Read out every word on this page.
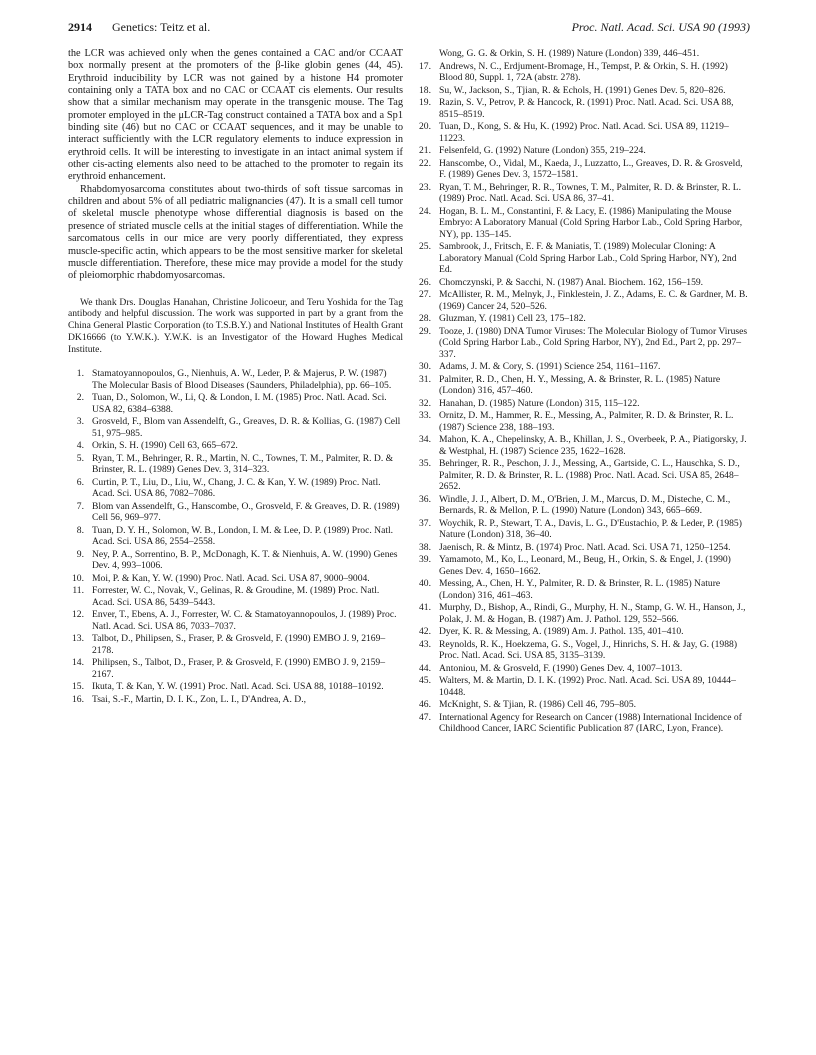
2914 Genetics: Teitz et al.	Proc. Natl. Acad. Sci. USA 90 (1993)

the LCR was achieved only when the genes contained a CAC and/or CCAAT box normally present at the promoters of the β-like globin genes (44, 45). Erythroid inducibility by LCR was not gained by a histone H4 promoter containing only a TATA box and no CAC or CCAAT cis elements. Our results show that a similar mechanism may operate in the transgenic mouse. The Tag promoter employed in the μLCR-Tag construct contained a TATA box and a Sp1 binding site (46) but no CAC or CCAAT sequences, and it may be unable to interact sufficiently with the LCR regulatory elements to induce expression in erythroid cells. It will be interesting to investigate in an intact animal system if other cis-acting elements also need to be attached to the promoter to regain its erythroid enhancement.

Rhabdomyosarcoma constitutes about two-thirds of soft tissue sarcomas in children and about 5% of all pediatric malignancies (47). It is a small cell tumor of skeletal muscle phenotype whose differential diagnosis is based on the presence of striated muscle cells at the initial stages of differentiation. While the sarcomatous cells in our mice are very poorly differentiated, they express muscle-specific actin, which appears to be the most sensitive marker for skeletal muscle differentiation. Therefore, these mice may provide a model for the study of pleiomorphic rhabdomyosarcomas.

We thank Drs. Douglas Hanahan, Christine Jolicoeur, and Teru Yoshida for the Tag antibody and helpful discussion. The work was supported in part by a grant from the China General Plastic Corporation (to T.S.B.Y.) and National Institutes of Health Grant DK16666 (to Y.W.K.). Y.W.K. is an Investigator of the Howard Hughes Medical Institute.

1. Stamatoyannopoulos, G., Nienhuis, A. W., Leder, P. & Majerus, P. W. (1987) The Molecular Basis of Blood Diseases (Saunders, Philadelphia), pp. 66–105.
2. Tuan, D., Solomon, W., Li, Q. & London, I. M. (1985) Proc. Natl. Acad. Sci. USA 82, 6384–6388.
3. Grosveld, F., Blom van Assendelft, G., Greaves, D. R. & Kollias, G. (1987) Cell 51, 975–985.
4. Orkin, S. H. (1990) Cell 63, 665–672.
5. Ryan, T. M., Behringer, R. R., Martin, N. C., Townes, T. M., Palmiter, R. D. & Brinster, R. L. (1989) Genes Dev. 3, 314–323.
6. Curtin, P. T., Liu, D., Liu, W., Chang, J. C. & Kan, Y. W. (1989) Proc. Natl. Acad. Sci. USA 86, 7082–7086.
7. Blom van Assendelft, G., Hanscombe, O., Grosveld, F. & Greaves, D. R. (1989) Cell 56, 969–977.
8. Tuan, D. Y. H., Solomon, W. B., London, I. M. & Lee, D. P. (1989) Proc. Natl. Acad. Sci. USA 86, 2554–2558.
9. Ney, P. A., Sorrentino, B. P., McDonagh, K. T. & Nienhuis, A. W. (1990) Genes Dev. 4, 993–1006.
10. Moi, P. & Kan, Y. W. (1990) Proc. Natl. Acad. Sci. USA 87, 9000–9004.
11. Forrester, W. C., Novak, V., Gelinas, R. & Groudine, M. (1989) Proc. Natl. Acad. Sci. USA 86, 5439–5443.
12. Enver, T., Ebens, A. J., Forrester, W. C. & Stamatoyannopoulos, J. (1989) Proc. Natl. Acad. Sci. USA 86, 7033–7037.
13. Talbot, D., Philipsen, S., Fraser, P. & Grosveld, F. (1990) EMBO J. 9, 2169–2178.
14. Philipsen, S., Talbot, D., Fraser, P. & Grosveld, F. (1990) EMBO J. 9, 2159–2167.
15. Ikuta, T. & Kan, Y. W. (1991) Proc. Natl. Acad. Sci. USA 88, 10188–10192.
16. Tsai, S.-F., Martin, D. I. K., Zon, L. I., D'Andrea, A. D.,
Wong, G. G. & Orkin, S. H. (1989) Nature (London) 339, 446–451.
17. Andrews, N. C., Erdjument-Bromage, H., Tempst, P. & Orkin, S. H. (1992) Blood 80, Suppl. 1, 72A (abstr. 278).
18. Su, W., Jackson, S., Tjian, R. & Echols, H. (1991) Genes Dev. 5, 820–826.
19. Razin, S. V., Petrov, P. & Hancock, R. (1991) Proc. Natl. Acad. Sci. USA 88, 8515–8519.
20. Tuan, D., Kong, S. & Hu, K. (1992) Proc. Natl. Acad. Sci. USA 89, 11219–11223.
21. Felsenfeld, G. (1992) Nature (London) 355, 219–224.
22. Hanscombe, O., Vidal, M., Kaeda, J., Luzzatto, L., Greaves, D. R. & Grosveld, F. (1989) Genes Dev. 3, 1572–1581.
23. Ryan, T. M., Behringer, R. R., Townes, T. M., Palmiter, R. D. & Brinster, R. L. (1989) Proc. Natl. Acad. Sci. USA 86, 37–41.
24. Hogan, B. L. M., Constantini, F. & Lacy, E. (1986) Manipulating the Mouse Embryo: A Laboratory Manual (Cold Spring Harbor Lab., Cold Spring Harbor, NY), pp. 135–145.
25. Sambrook, J., Fritsch, E. F. & Maniatis, T. (1989) Molecular Cloning: A Laboratory Manual (Cold Spring Harbor Lab., Cold Spring Harbor, NY), 2nd Ed.
26. Chomczynski, P. & Sacchi, N. (1987) Anal. Biochem. 162, 156–159.
27. McAllister, R. M., Melnyk, J., Finklestein, J. Z., Adams, E. C. & Gardner, M. B. (1969) Cancer 24, 520–526.
28. Gluzman, Y. (1981) Cell 23, 175–182.
29. Tooze, J. (1980) DNA Tumor Viruses: The Molecular Biology of Tumor Viruses (Cold Spring Harbor Lab., Cold Spring Harbor, NY), 2nd Ed., Part 2, pp. 297–337.
30. Adams, J. M. & Cory, S. (1991) Science 254, 1161–1167.
31. Palmiter, R. D., Chen, H. Y., Messing, A. & Brinster, R. L. (1985) Nature (London) 316, 457–460.
32. Hanahan, D. (1985) Nature (London) 315, 115–122.
33. Ornitz, D. M., Hammer, R. E., Messing, A., Palmiter, R. D. & Brinster, R. L. (1987) Science 238, 188–193.
34. Mahon, K. A., Chepelinsky, A. B., Khillan, J. S., Overbeek, P. A., Piatigorsky, J. & Westphal, H. (1987) Science 235, 1622–1628.
35. Behringer, R. R., Peschon, J. J., Messing, A., Gartside, C. L., Hauschka, S. D., Palmiter, R. D. & Brinster, R. L. (1988) Proc. Natl. Acad. Sci. USA 85, 2648–2652.
36. Windle, J. J., Albert, D. M., O'Brien, J. M., Marcus, D. M., Disteche, C. M., Bernards, R. & Mellon, P. L. (1990) Nature (London) 343, 665–669.
37. Woychik, R. P., Stewart, T. A., Davis, L. G., D'Eustachio, P. & Leder, P. (1985) Nature (London) 318, 36–40.
38. Jaenisch, R. & Mintz, B. (1974) Proc. Natl. Acad. Sci. USA 71, 1250–1254.
39. Yamamoto, M., Ko, L., Leonard, M., Beug, H., Orkin, S. & Engel, J. (1990) Genes Dev. 4, 1650–1662.
40. Messing, A., Chen, H. Y., Palmiter, R. D. & Brinster, R. L. (1985) Nature (London) 316, 461–463.
41. Murphy, D., Bishop, A., Rindi, G., Murphy, H. N., Stamp, G. W. H., Hanson, J., Polak, J. M. & Hogan, B. (1987) Am. J. Pathol. 129, 552–566.
42. Dyer, K. R. & Messing, A. (1989) Am. J. Pathol. 135, 401–410.
43. Reynolds, R. K., Hoekzema, G. S., Vogel, J., Hinrichs, S. H. & Jay, G. (1988) Proc. Natl. Acad. Sci. USA 85, 3135–3139.
44. Antoniou, M. & Grosveld, F. (1990) Genes Dev. 4, 1007–1013.
45. Walters, M. & Martin, D. I. K. (1992) Proc. Natl. Acad. Sci. USA 89, 10444–10448.
46. McKnight, S. & Tjian, R. (1986) Cell 46, 795–805.
47. International Agency for Research on Cancer (1988) International Incidence of Childhood Cancer, IARC Scientific Publication 87 (IARC, Lyon, France).
